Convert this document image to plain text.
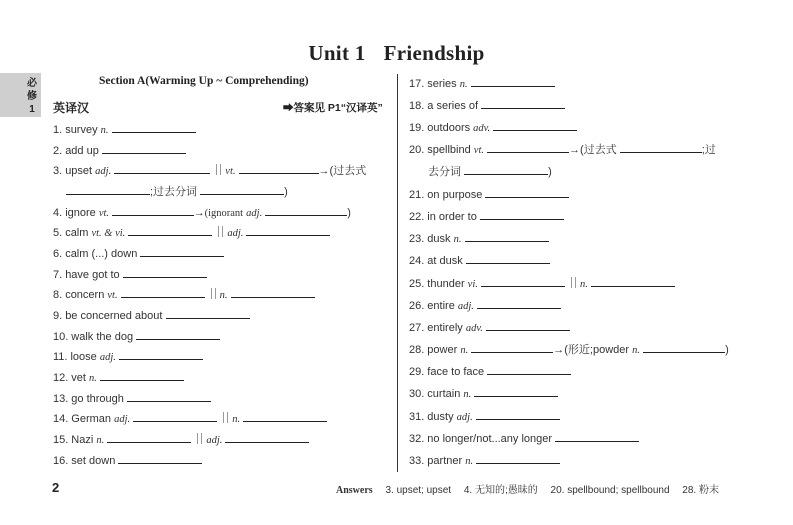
Unit 1 Friendship
必
修
1
Section A(Warming Up ~ Comprehending)
英译汉	➡答案见 P1“汉译英”
1. survey n.
2. add up
3. upset adj.	vt.	→(过去式
;过去分词	)
4. ignore vt.	→(ignorant adj.	)
5. calm vt. & vi.	adj.
6. calm (...) down
7. have got to
8. concern vt.	n.
9. be concerned about
10. walk the dog
11. loose adj.
12. vet n.
13. go through
14. German adj.	n.
15. Nazi n.	adj.
16. set down
17. series n.
18. a series of
19. outdoors adv.
20. spellbind vt.	→(过去式	;过
去分词	)
21. on purpose
22. in order to
23. dusk n.
24. at dusk
25. thunder vi.	n.
26. entire adj.
27. entirely adv.
28. power n.	→(形近;powder n.	)
29. face to face
30. curtain n.
31. dusty adj.
32. no longer/not...any longer
33. partner n.
2	Answers 3. upset; upset 4. 无知的;愚昧的 20. spellbound; spellbound 28. 粉末
